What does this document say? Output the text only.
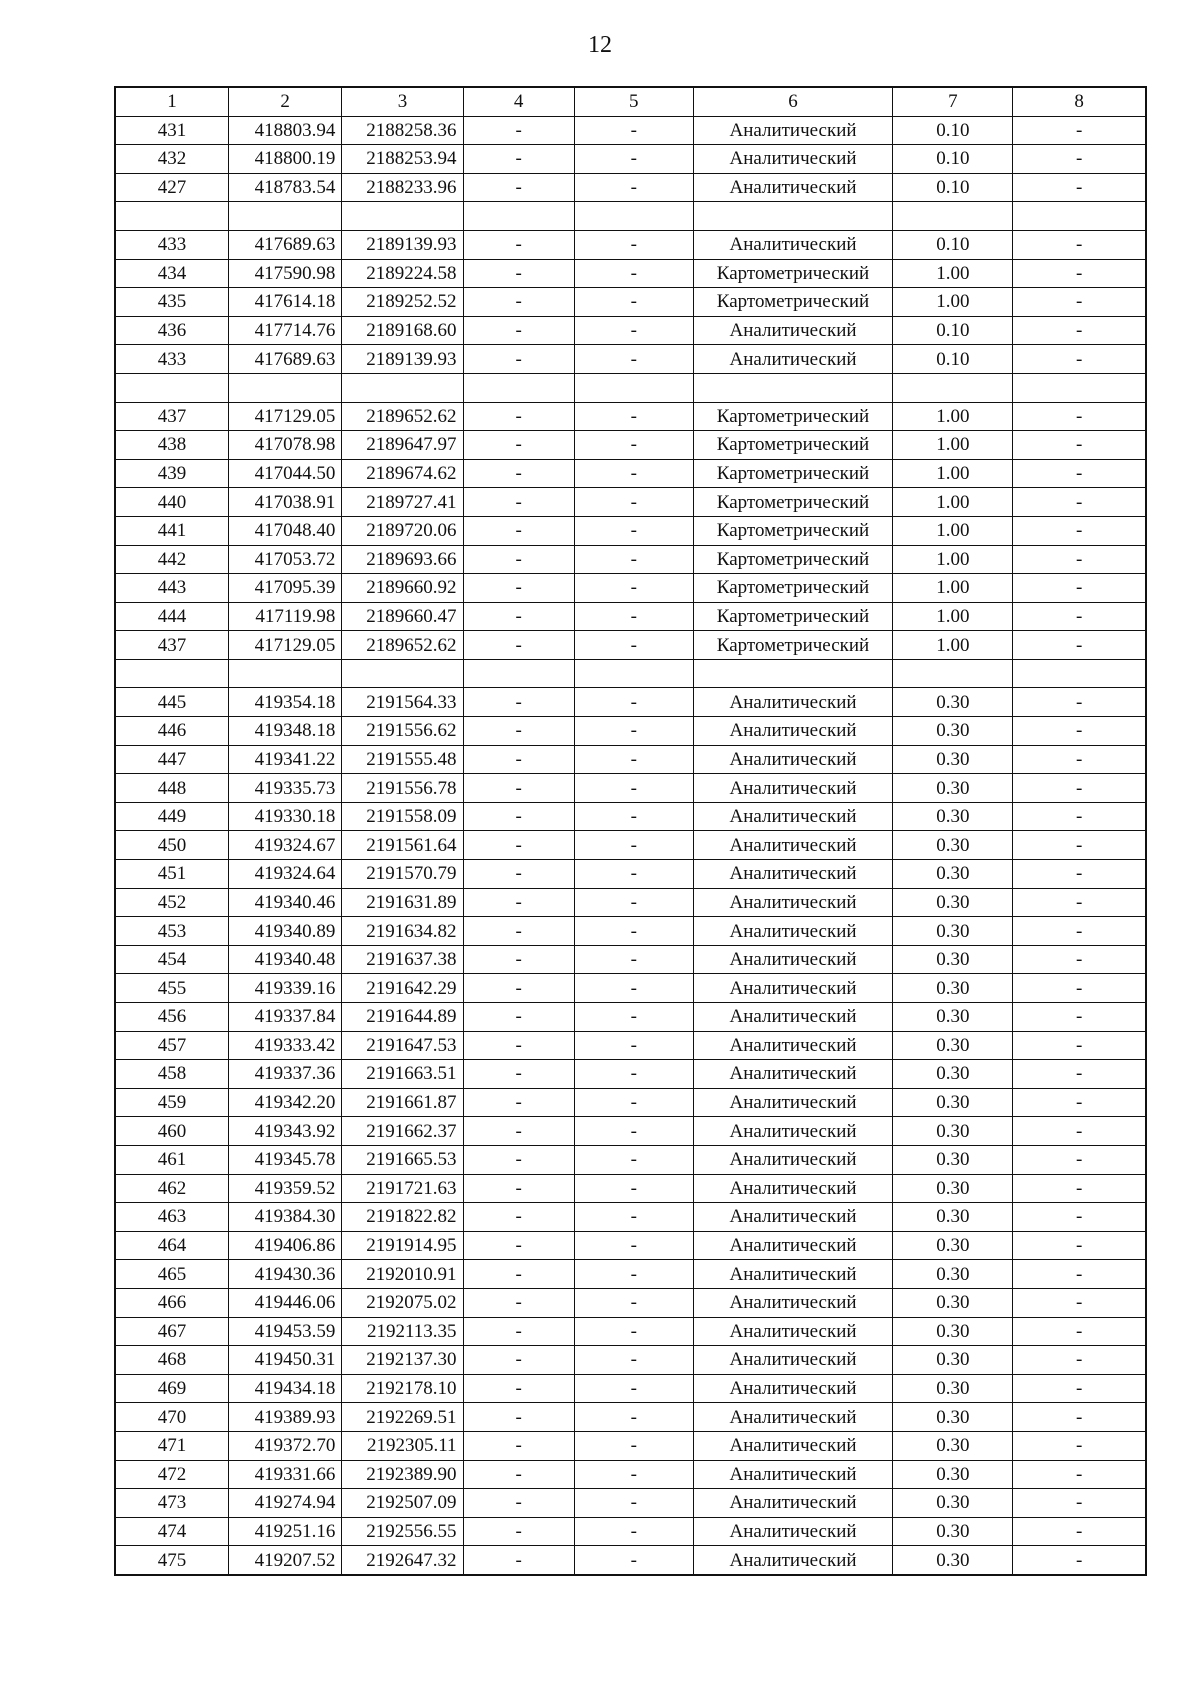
12
1	2	3	4	5	6	7	8
431	418803.94	2188258.36	-	-	Аналитический	0.10	-
432	418800.19	2188253.94	-	-	Аналитический	0.10	-
427	418783.54	2188233.96	-	-	Аналитический	0.10	-

433	417689.63	2189139.93	-	-	Аналитический	0.10	-
434	417590.98	2189224.58	-	-	Картометрический	1.00	-
435	417614.18	2189252.52	-	-	Картометрический	1.00	-
436	417714.76	2189168.60	-	-	Аналитический	0.10	-
433	417689.63	2189139.93	-	-	Аналитический	0.10	-

437	417129.05	2189652.62	-	-	Картометрический	1.00	-
438	417078.98	2189647.97	-	-	Картометрический	1.00	-
439	417044.50	2189674.62	-	-	Картометрический	1.00	-
440	417038.91	2189727.41	-	-	Картометрический	1.00	-
441	417048.40	2189720.06	-	-	Картометрический	1.00	-
442	417053.72	2189693.66	-	-	Картометрический	1.00	-
443	417095.39	2189660.92	-	-	Картометрический	1.00	-
444	417119.98	2189660.47	-	-	Картометрический	1.00	-
437	417129.05	2189652.62	-	-	Картометрический	1.00	-

445	419354.18	2191564.33	-	-	Аналитический	0.30	-
446	419348.18	2191556.62	-	-	Аналитический	0.30	-
447	419341.22	2191555.48	-	-	Аналитический	0.30	-
448	419335.73	2191556.78	-	-	Аналитический	0.30	-
449	419330.18	2191558.09	-	-	Аналитический	0.30	-
450	419324.67	2191561.64	-	-	Аналитический	0.30	-
451	419324.64	2191570.79	-	-	Аналитический	0.30	-
452	419340.46	2191631.89	-	-	Аналитический	0.30	-
453	419340.89	2191634.82	-	-	Аналитический	0.30	-
454	419340.48	2191637.38	-	-	Аналитический	0.30	-
455	419339.16	2191642.29	-	-	Аналитический	0.30	-
456	419337.84	2191644.89	-	-	Аналитический	0.30	-
457	419333.42	2191647.53	-	-	Аналитический	0.30	-
458	419337.36	2191663.51	-	-	Аналитический	0.30	-
459	419342.20	2191661.87	-	-	Аналитический	0.30	-
460	419343.92	2191662.37	-	-	Аналитический	0.30	-
461	419345.78	2191665.53	-	-	Аналитический	0.30	-
462	419359.52	2191721.63	-	-	Аналитический	0.30	-
463	419384.30	2191822.82	-	-	Аналитический	0.30	-
464	419406.86	2191914.95	-	-	Аналитический	0.30	-
465	419430.36	2192010.91	-	-	Аналитический	0.30	-
466	419446.06	2192075.02	-	-	Аналитический	0.30	-
467	419453.59	2192113.35	-	-	Аналитический	0.30	-
468	419450.31	2192137.30	-	-	Аналитический	0.30	-
469	419434.18	2192178.10	-	-	Аналитический	0.30	-
470	419389.93	2192269.51	-	-	Аналитический	0.30	-
471	419372.70	2192305.11	-	-	Аналитический	0.30	-
472	419331.66	2192389.90	-	-	Аналитический	0.30	-
473	419274.94	2192507.09	-	-	Аналитический	0.30	-
474	419251.16	2192556.55	-	-	Аналитический	0.30	-
475	419207.52	2192647.32	-	-	Аналитический	0.30	-
